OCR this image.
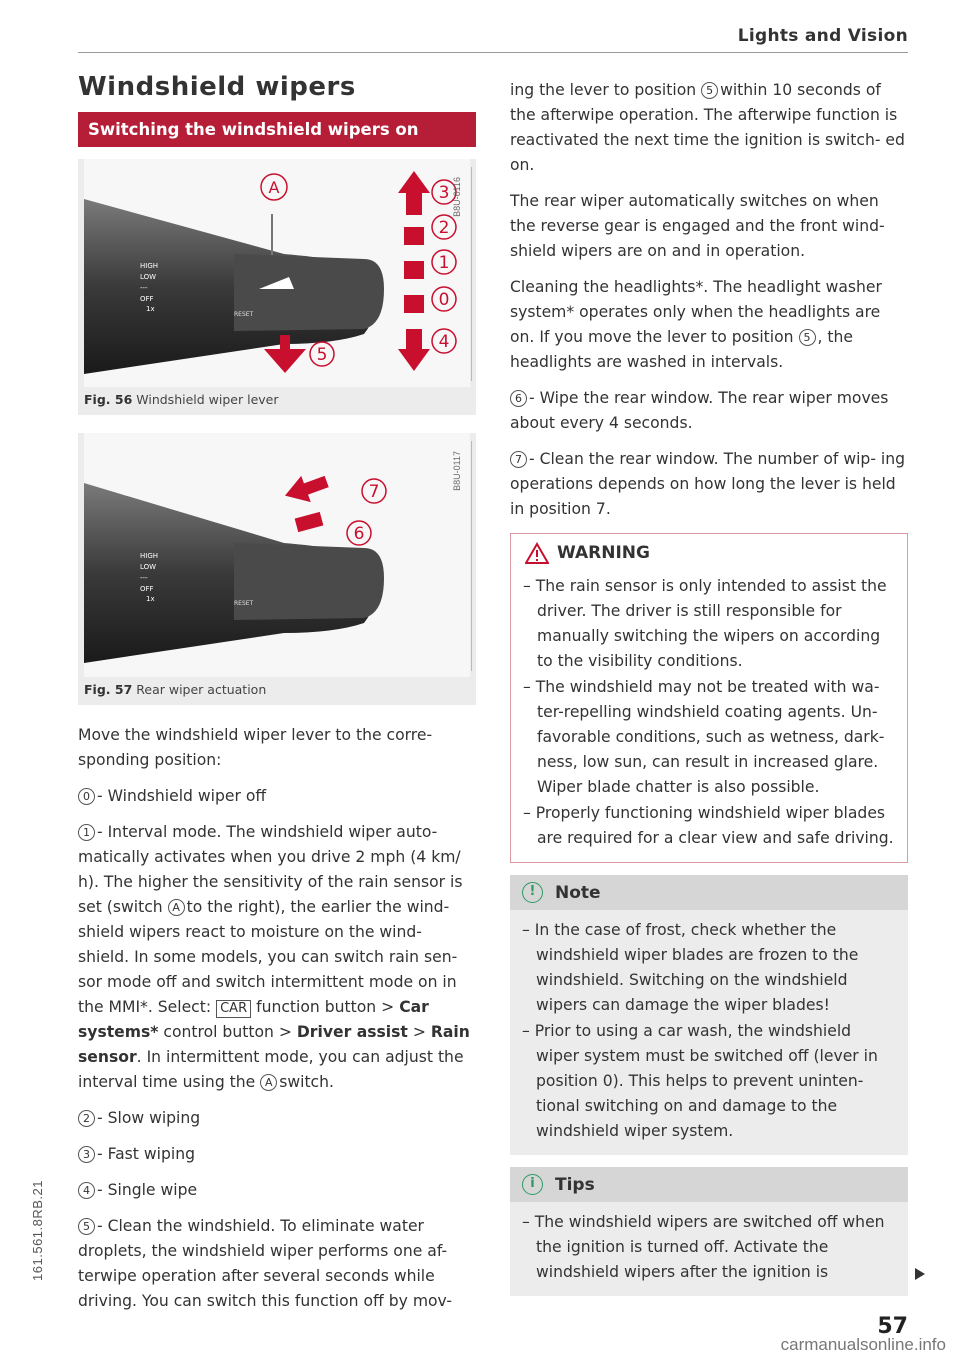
Lights and Vision
Windshield wipers
Switching the windshield wipers on
HIGH
LOW
---
OFF
1x
RESET
A	3
2
1
0
5
4
B8U-0116
Fig. 56 Windshield wiper lever
HIGH
LOW
---
OFF
1x
RESET
7
6
B8U-0117
Fig. 57 Rear wiper actuation

Move the windshield wiper lever to the corre- sponding position:

0 - Windshield wiper off

1 - Interval mode. The windshield wiper auto- matically activates when you drive 2 mph (4 km/ h). The higher the sensitivity of the rain sensor is set (switch A to the right), the earlier the wind- shield wipers react to moisture on the wind- shield. In some models, you can switch rain sen- sor mode off and switch intermittent mode on in the MMI*. Select: CAR function button > Car systems* control button > Driver assist > Rain sensor. In intermittent mode, you can adjust the interval time using the A switch.

2 - Slow wiping

3 - Fast wiping

4 - Single wipe

5 - Clean the windshield. To eliminate water droplets, the windshield wiper performs one af- terwipe operation after several seconds while driving. You can switch this function off by mov-

ing the lever to position 5 within 10 seconds of the afterwipe operation. The afterwipe function is reactivated the next time the ignition is switch- ed on.

The rear wiper automatically switches on when the reverse gear is engaged and the front wind- shield wipers are on and in operation.

Cleaning the headlights*. The headlight washer system* operates only when the headlights are on. If you move the lever to position 5 , the headlights are washed in intervals.

6 - Wipe the rear window. The rear wiper moves about every 4 seconds.

7 - Clean the rear window. The number of wip- ing operations depends on how long the lever is held in position 7.

WARNING
– The rain sensor is only intended to assist the driver. The driver is still responsible for manually switching the wipers on according to the visibility conditions.
– The windshield may not be treated with wa- ter-repelling windshield coating agents. Un- favorable conditions, such as wetness, dark- ness, low sun, can result in increased glare. Wiper blade chatter is also possible.
– Properly functioning windshield wiper blades are required for a clear view and safe driving.
!	Note
– In the case of frost, check whether the windshield wiper blades are frozen to the windshield. Switching on the windshield wipers can damage the wiper blades!
– Prior to using a car wash, the windshield wiper system must be switched off (lever in position 0). This helps to prevent uninten- tional switching on and damage to the windshield wiper system.
i	Tips
– The windshield wipers are switched off when the ignition is turned off. Activate the windshield wipers after the ignition is
57
161.561.8RB.21
carmanualsonline.info
